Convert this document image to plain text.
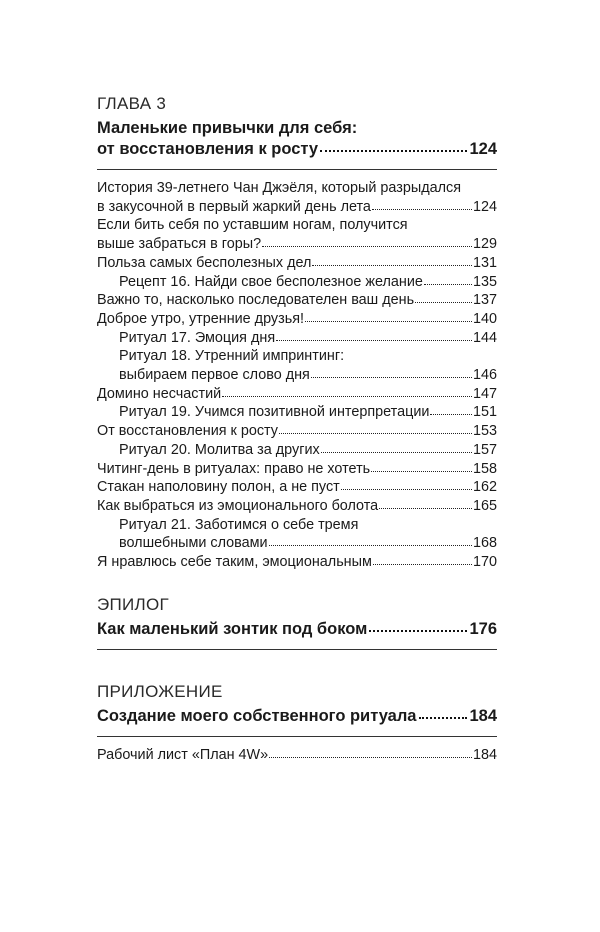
ГЛАВА 3
Маленькие привычки для себя:
от восстановления к росту	124
История 39-летнего Чан Джэёля, который разрыдался
в закусочной в первый жаркий день лета	124
Если бить себя по уставшим ногам, получится
выше забраться в горы?	129
Польза самых бесполезных дел	131
Рецепт 16. Найди свое бесполезное желание	135
Важно то, насколько последователен ваш день	137
Доброе утро, утренние друзья!	140
Ритуал 17. Эмоция дня	144
Ритуал 18. Утренний импринтинг:
выбираем первое слово дня	146
Домино несчастий	147
Ритуал 19. Учимся позитивной интерпретации	151
От восстановления к росту	153
Ритуал 20. Молитва за других	157
Читинг-день в ритуалах: право не хотеть	158
Стакан наполовину полон, а не пуст	162
Как выбраться из эмоционального болота	165
Ритуал 21. Заботимся о себе тремя
волшебными словами	168
Я нравлюсь себе таким, эмоциональным	170
ЭПИЛОГ
Как маленький зонтик под боком	176
ПРИЛОЖЕНИЕ
Создание моего собственного ритуала	184
Рабочий лист «План 4W»	184
